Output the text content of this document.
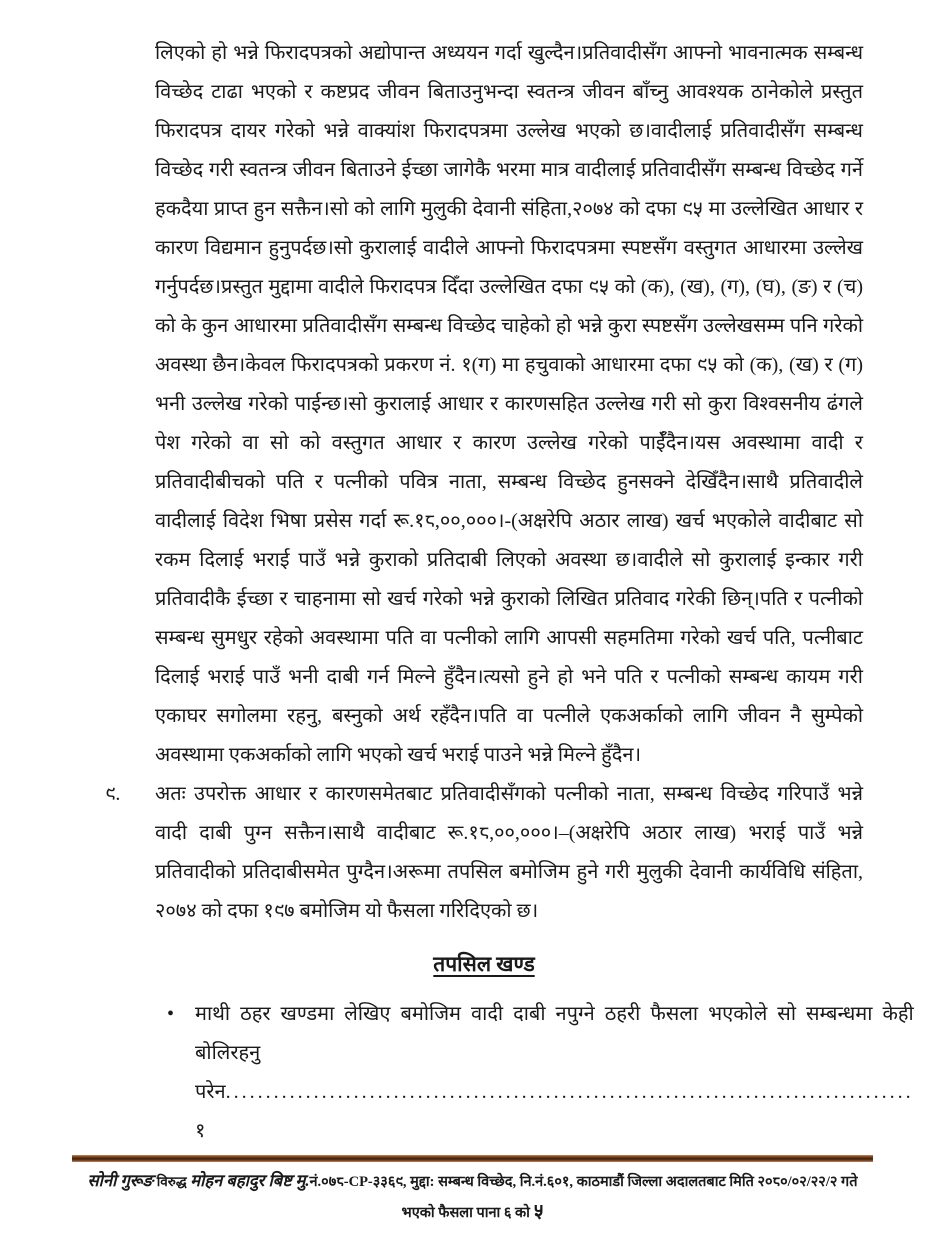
लिएको हो भन्ने फिरादपत्रको अद्योपान्त अध्ययन गर्दा खुल्दैन।प्रतिवादीसँग आफ्नो भावनात्मक सम्बन्ध विच्छेद टाढा भएको र कष्टप्रद जीवन बिताउनुभन्दा स्वतन्त्र जीवन बाँच्नु आवश्यक ठानेकोले प्रस्तुत फिरादपत्र दायर गरेको भन्ने वाक्यांश फिरादपत्रमा उल्लेख भएको छ।वादीलाई प्रतिवादीसँग सम्बन्ध विच्छेद गरी स्वतन्त्र जीवन बिताउने ईच्छा जागेकै भरमा मात्र वादीलाई प्रतिवादीसँग सम्बन्ध विच्छेद गर्ने हकदैया प्राप्त हुन सक्तैन।सो को लागि मुलुकी देवानी संहिता,२०७४ को दफा ९५ मा उल्लेखित आधार र कारण विद्यमान हुनुपर्दछ।सो कुरालाई वादीले आफ्नो फिरादपत्रमा स्पष्टसँग वस्तुगत आधारमा उल्लेख गर्नुपर्दछ।प्रस्तुत मुद्दामा वादीले फिरादपत्र दिँदा उल्लेखित दफा ९५ को (क), (ख), (ग), (घ), (ङ) र (च) को के कुन आधारमा प्रतिवादीसँग सम्बन्ध विच्छेद चाहेको हो भन्ने कुरा स्पष्टसँग उल्लेखसम्म पनि गरेको अवस्था छैन।केवल फिरादपत्रको प्रकरण नं. १(ग) मा हचुवाको आधारमा दफा ९५ को (क), (ख) र (ग) भनी उल्लेख गरेको पाईन्छ।सो कुरालाई आधार र कारणसहित उल्लेख गरी सो कुरा विश्वसनीय ढंगले पेश गरेको वा सो को वस्तुगत आधार र कारण उल्लेख गरेको पाईँदैन।यस अवस्थामा वादी र प्रतिवादीबीचको पति र पत्नीको पवित्र नाता, सम्बन्ध विच्छेद हुनसक्ने देखिँदैन।साथै प्रतिवादीले वादीलाई विदेश भिषा प्रसेस गर्दा रू.१८,००,०००।-(अक्षरेपि अठार लाख) खर्च भएकोले वादीबाट सो रकम दिलाई भराई पाउँ भन्ने कुराको प्रतिदाबी लिएको अवस्था छ।वादीले सो कुरालाई इन्कार गरी प्रतिवादीकै ईच्छा र चाहनामा सो खर्च गरेको भन्ने कुराको लिखित प्रतिवाद गरेकी छिन्।पति र पत्नीको सम्बन्ध सुमधुर रहेको अवस्थामा पति वा पत्नीको लागि आपसी सहमतिमा गरेको खर्च पति, पत्नीबाट दिलाई भराई पाउँ भनी दाबी गर्न मिल्ने हुँदैन।त्यसो हुने हो भने पति र पत्नीको सम्बन्ध कायम गरी एकाघर सगोलमा रहनु, बस्नुको अर्थ रहँदैन।पति वा पत्नीले एकअर्काको लागि जीवन नै सुम्पेको अवस्थामा एकअर्काको लागि भएको खर्च भराई पाउने भन्ने मिल्ने हुँदैन।
९.	अतः उपरोक्त आधार र कारणसमेतबाट प्रतिवादीसँगको पत्नीको नाता, सम्बन्ध विच्छेद गरिपाउँ भन्ने वादी दाबी पुग्न सक्तैन।साथै वादीबाट रू.१८,००,०००।–(अक्षरेपि अठार लाख) भराई पाउँ भन्ने प्रतिवादीको प्रतिदाबीसमेत पुग्दैन।अरूमा तपसिल बमोजिम हुने गरी मुलुकी देवानी कार्यविधि संहिता, २०७४ को दफा १९७ बमोजिम यो फैसला गरिदिएको छ।
तपसिल खण्ड
•	माथी ठहर खण्डमा लेखिए बमोजिम वादी दाबी नपुग्ने ठहरी फैसला भएकोले सो सम्बन्धमा केही बोलिरहनु परेन......................................................................................१
सोनी गुरूङ विरुद्ध मोहन बहादुर बिष्ट मु.नं.०७८-CP-३३६९, मुद्दा: सम्बन्ध विच्छेद, नि.नं.६०१, काठमाडौं जिल्ला अदालतबाट मिति २०८०/०२/२२/२ गते
भएको फैसला पाना ६ को ५
